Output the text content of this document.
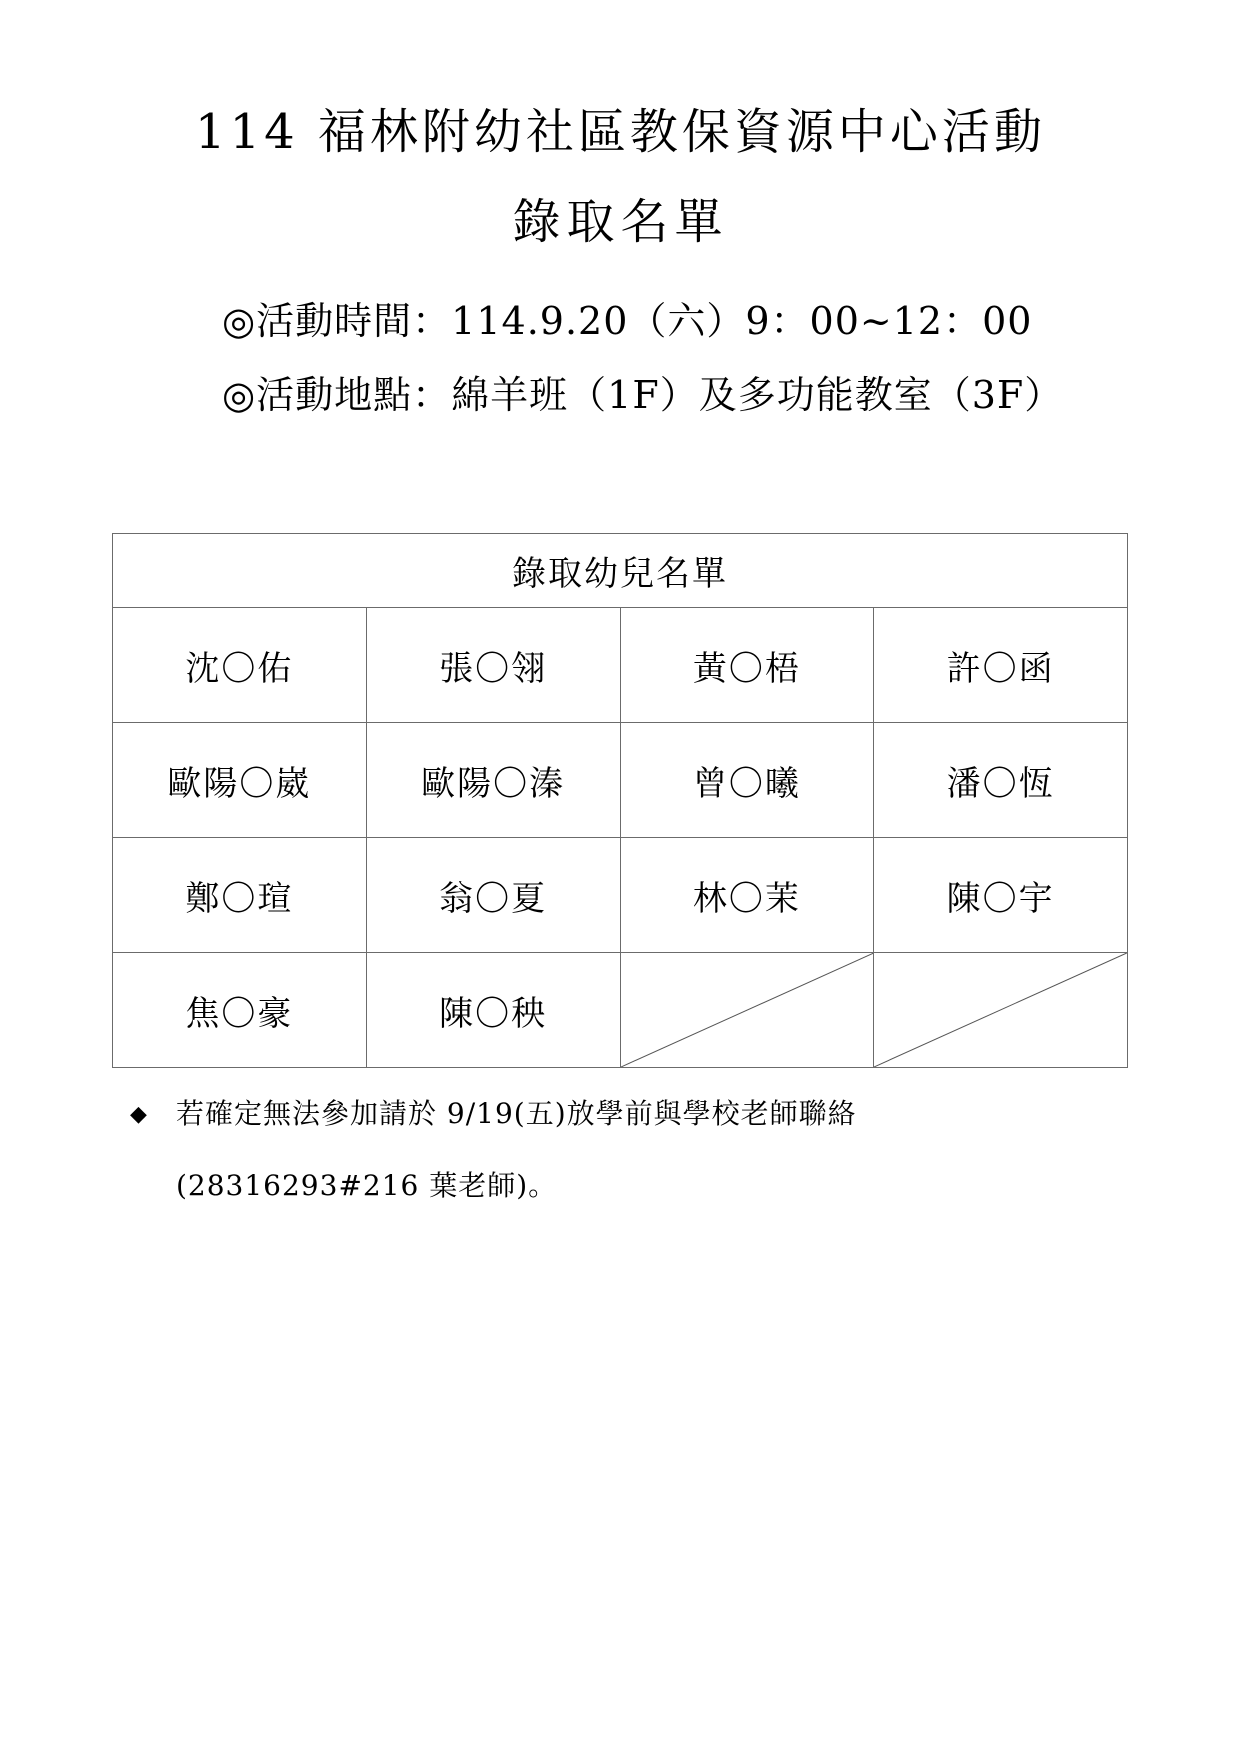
114 福林附幼社區教保資源中心活動
錄取名單
◎活動時間：114.9.20（六）9：00~12：00
◎活動地點：綿羊班（1F）及多功能教室（3F）
錄取幼兒名單			
沈〇佑	張〇翎	黃〇梧	許〇函
歐陽〇崴	歐陽〇溱	曾〇曦	潘〇恆
鄭〇瑄	翁〇夏	林〇茉	陳〇宇
焦〇豪	陳〇秧	

◆ 若確定無法參加請於 9/19(五)放學前與學校老師聯絡
(28316293#216 葉老師)。
